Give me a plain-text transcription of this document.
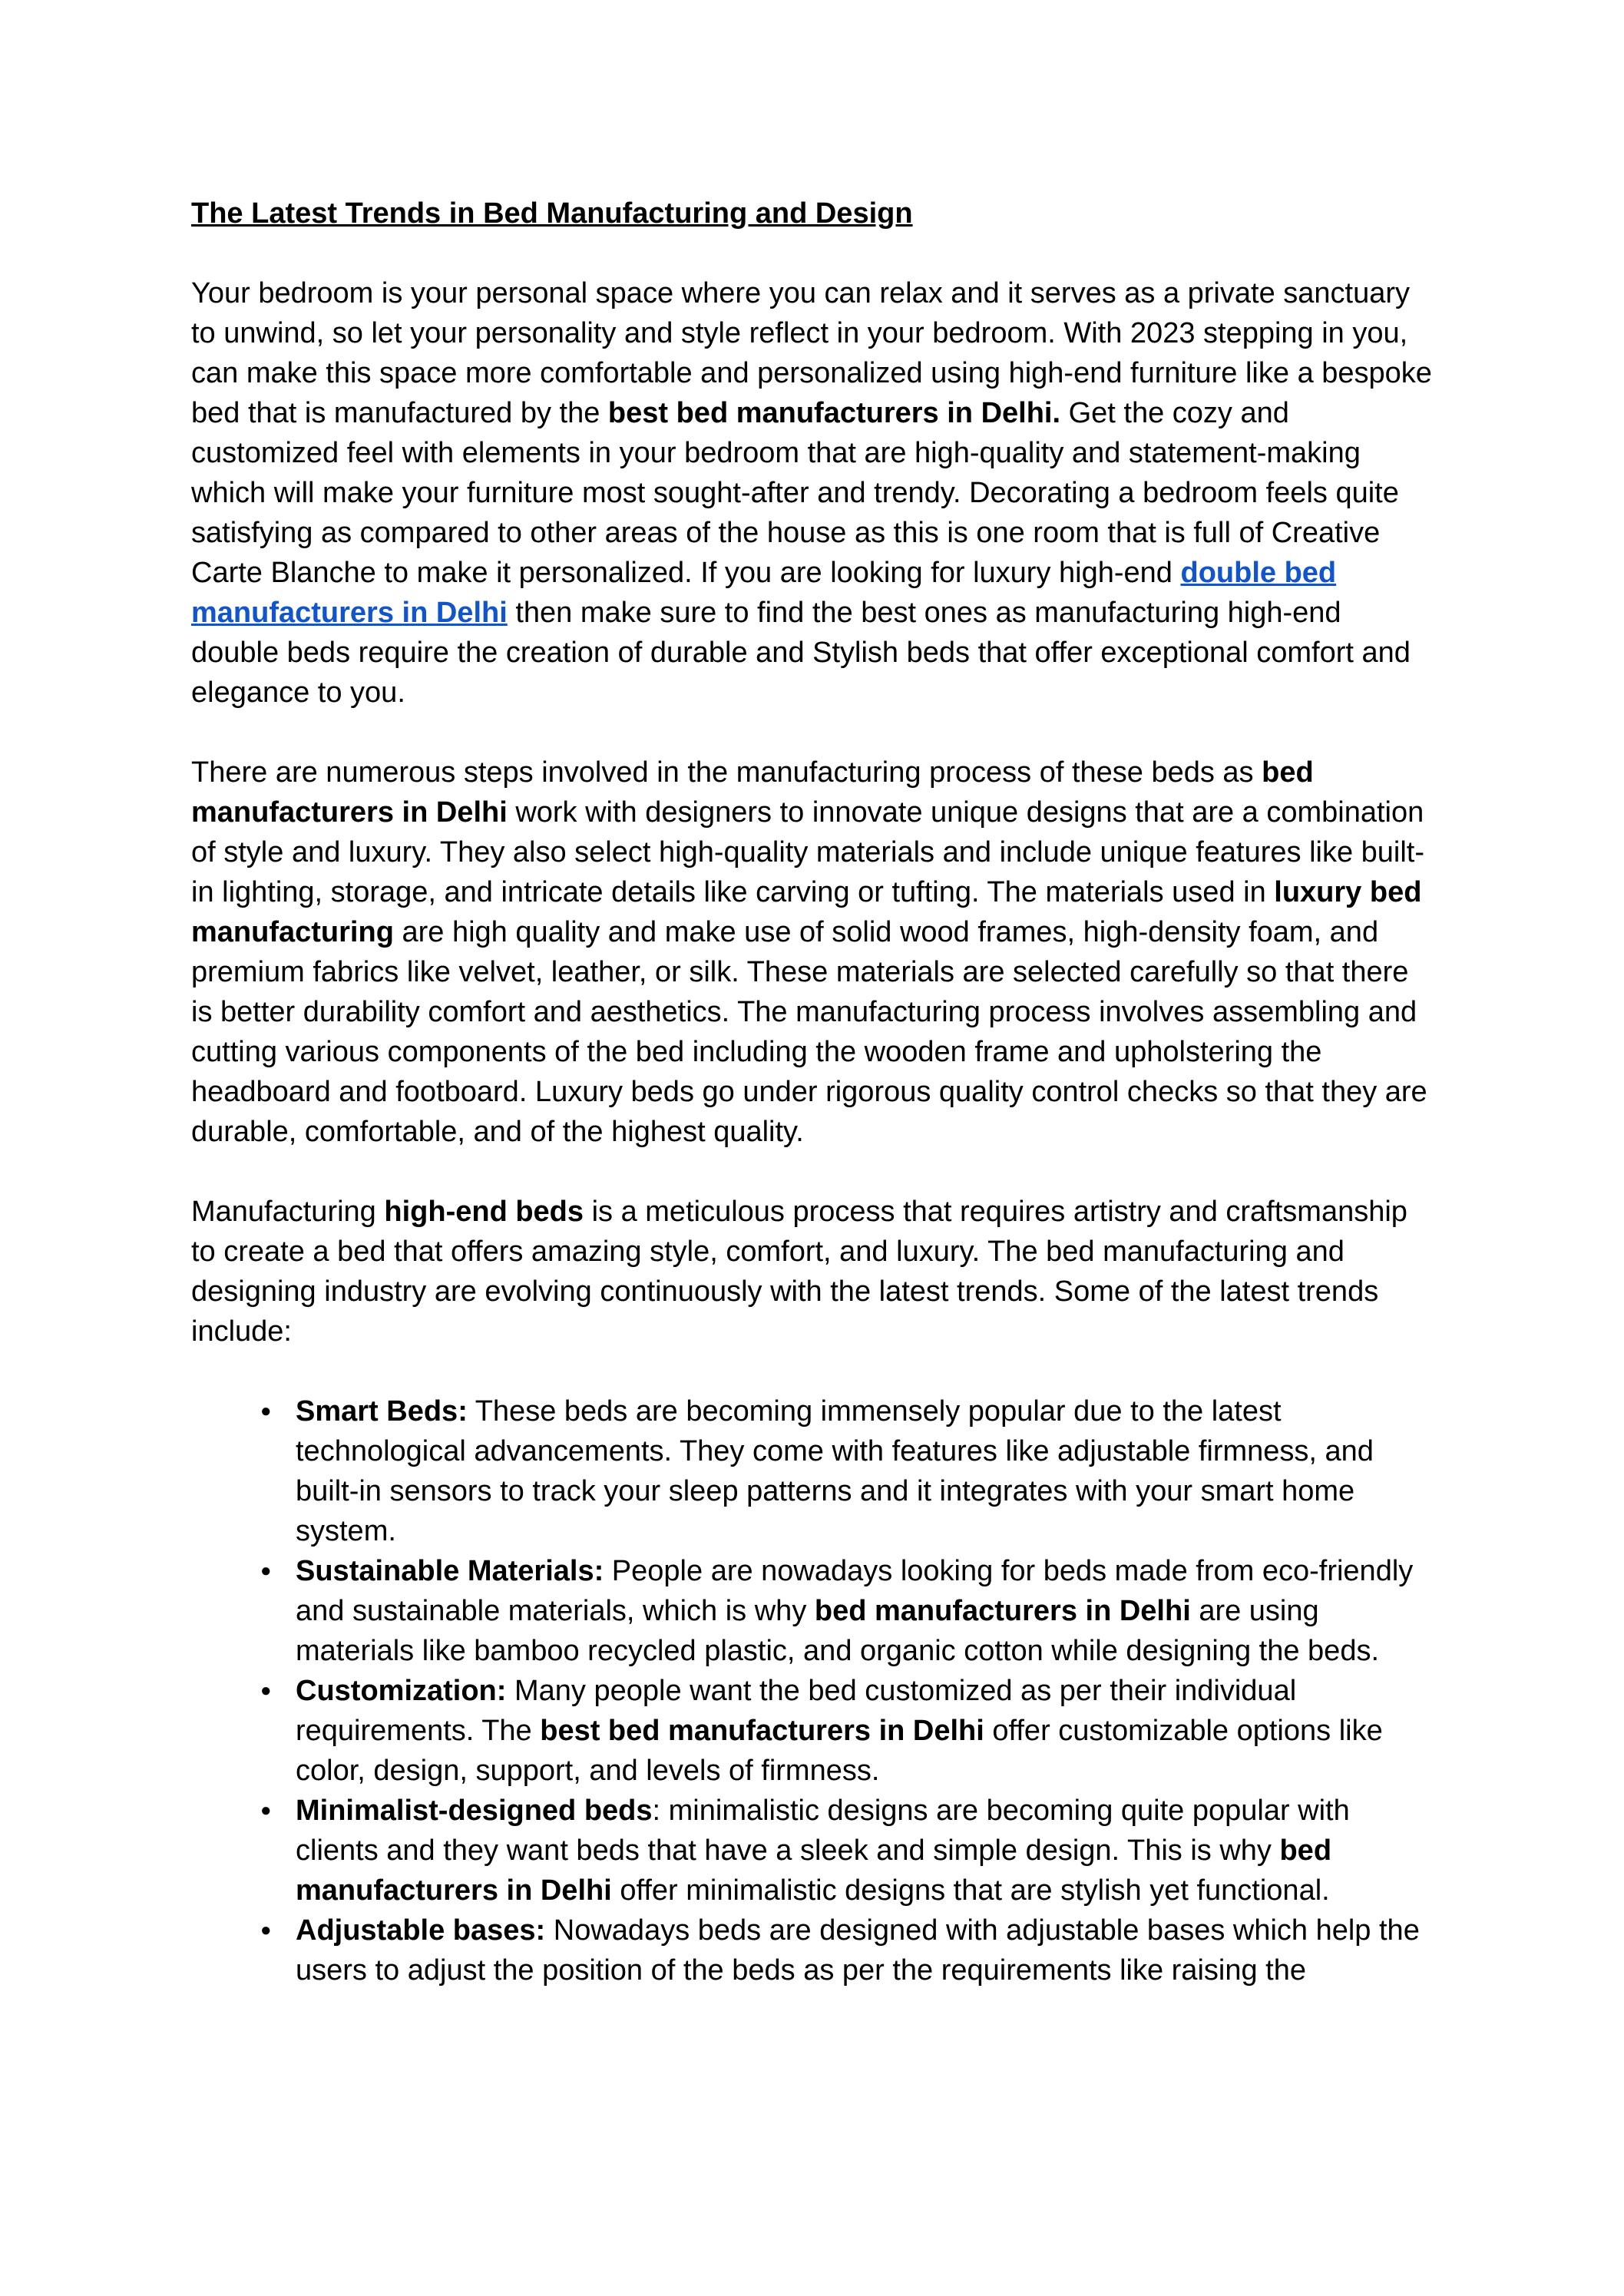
The Latest Trends in Bed Manufacturing and Design

Your bedroom is your personal space where you can relax and it serves as a private sanctuary to unwind, so let your personality and style reflect in your bedroom. With 2023 stepping in you, can make this space more comfortable and personalized using high-end furniture like a bespoke bed that is manufactured by the best bed manufacturers in Delhi. Get the cozy and customized feel with elements in your bedroom that are high-quality and statement-making which will make your furniture most sought-after and trendy. Decorating a bedroom feels quite satisfying as compared to other areas of the house as this is one room that is full of Creative Carte Blanche to make it personalized. If you are looking for luxury high-end double bed manufacturers in Delhi then make sure to find the best ones as manufacturing high-end double beds require the creation of durable and Stylish beds that offer exceptional comfort and elegance to you.

There are numerous steps involved in the manufacturing process of these beds as bed manufacturers in Delhi work with designers to innovate unique designs that are a combination of style and luxury. They also select high-quality materials and include unique features like built-in lighting, storage, and intricate details like carving or tufting. The materials used in luxury bed manufacturing are high quality and make use of solid wood frames, high-density foam, and premium fabrics like velvet, leather, or silk. These materials are selected carefully so that there is better durability comfort and aesthetics. The manufacturing process involves assembling and cutting various components of the bed including the wooden frame and upholstering the headboard and footboard. Luxury beds go under rigorous quality control checks so that they are durable, comfortable, and of the highest quality.

Manufacturing high-end beds is a meticulous process that requires artistry and craftsmanship to create a bed that offers amazing style, comfort, and luxury. The bed manufacturing and designing industry are evolving continuously with the latest trends. Some of the latest trends include:

● Smart Beds: These beds are becoming immensely popular due to the latest technological advancements. They come with features like adjustable firmness, and built-in sensors to track your sleep patterns and it integrates with your smart home system.
● Sustainable Materials: People are nowadays looking for beds made from eco-friendly and sustainable materials, which is why bed manufacturers in Delhi are using materials like bamboo recycled plastic, and organic cotton while designing the beds.
● Customization: Many people want the bed customized as per their individual requirements. The best bed manufacturers in Delhi offer customizable options like color, design, support, and levels of firmness.
● Minimalist-designed beds: minimalistic designs are becoming quite popular with clients and they want beds that have a sleek and simple design. This is why bed manufacturers in Delhi offer minimalistic designs that are stylish yet functional.
● Adjustable bases: Nowadays beds are designed with adjustable bases which help the users to adjust the position of the beds as per the requirements like raising the
